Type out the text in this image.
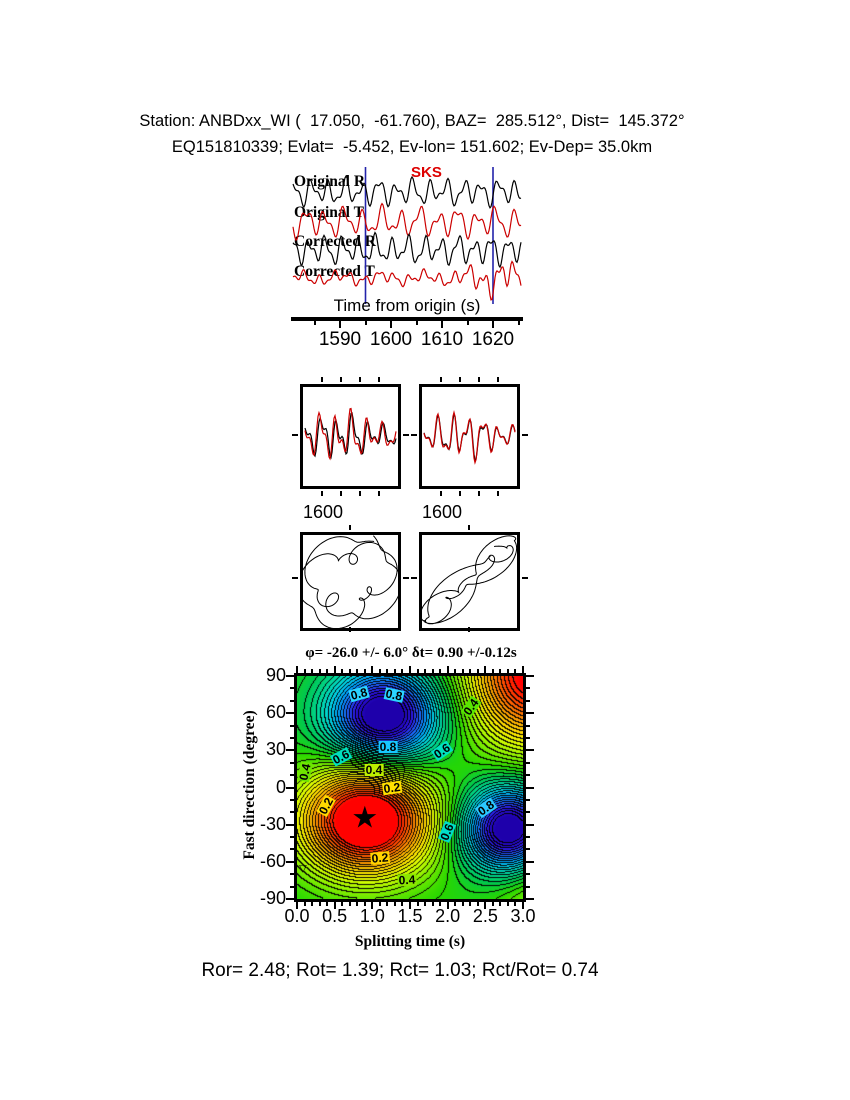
Station: ANBDxx_WI (  17.050,  -61.760), BAZ=  285.512°, Dist=  145.372°
EQ151810339; Evlat=  -5.452, Ev-lon= 151.602; Ev-Dep= 35.0km
Original R
Original T
Corrected R
Corrected T
SKS
Time from origin (s)
1600	1600
φ= -26.0 +/- 6.0° δt= 0.90 +/-0.12s
Fast direction (degree)
Splitting time (s)
Ror= 2.48; Rot= 1.39; Rct= 1.03; Rct/Rot= 0.74
1590 1600 1610 1620
90
60
30
0
-30
-60
-90
0.0 0.5 1.0 1.5 2.0 2.5 3.0
0.8 0.8
0.8
0.6	0.6
0.4
0.4
0.2
0.4
0.2
0.2
0.4
0.6
0.8
★
▽
